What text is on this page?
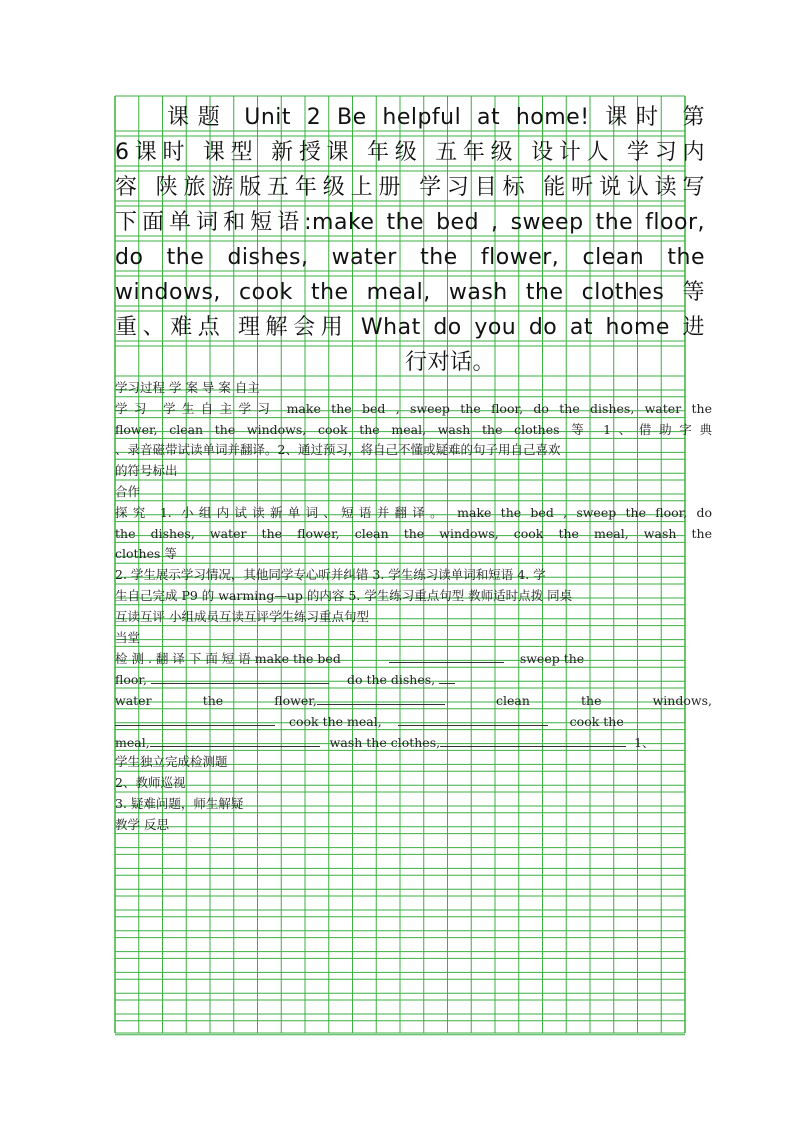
课题 Unit 2 Be helpful at home! 课时 第
6课时 课型 新授课 年级 五年级 设计人 学习内
容 陕旅游版五年级上册 学习目标 能听说认读写
下面单词和短语:make the bed , sweep the floor,
do the dishes, water the flower, clean the
windows, cook the meal, wash the clothes 等
重、难点 理解会用 What do you do at home 进
行对话。
学习过程 学 案 导 案 自主
学习 学生自主学习 make the bed , sweep the floor, do the dishes, water the
flower, clean the windows, cook the meal, wash the clothes 等 1、借助字典
、录音磁带试读单词并翻译。2、通过预习，将自己不懂或疑难的句子用自己喜欢
的符号标出
合作
探究 1. 小组内试读新单词、短语并翻译。 make the bed , sweep the floor, do
the dishes, water the flower, clean the windows, cook the meal, wash the
clothes 等
2. 学生展示学习情况，其他同学专心听并纠错 3. 学生练习读单词和短语 4. 学
生自己完成 P9 的 warming—up 的内容 5. 学生练习重点句型 教师适时点拨 同桌
互读互评 小组成员互读互评学生练习重点句型
当堂
检 测 . 翻 译 下 面 短 语 make the bed	sweep the
floor,	do the dishes,
water	the	flower,	clean	the	windows,
cook the meal,	cook the
meal,	wash the clothes,	1、
学生独立完成检测题
2、教师巡视
3. 疑难问题，师生解疑
教学 反思
